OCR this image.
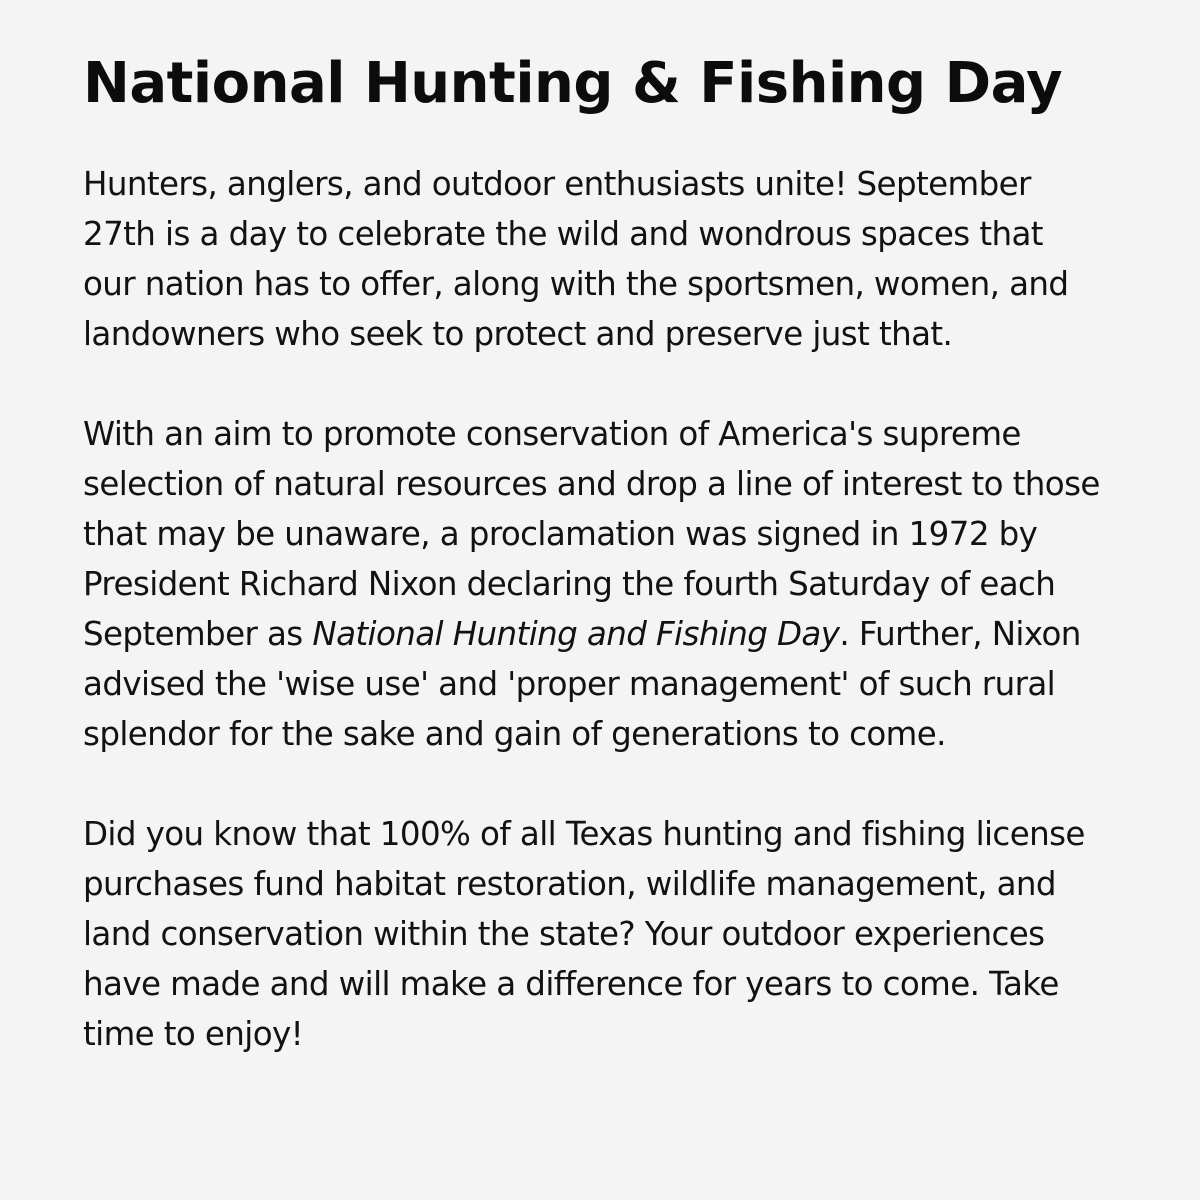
National Hunting & Fishing Day

Hunters, anglers, and outdoor enthusiasts unite! September 27th is a day to celebrate the wild and wondrous spaces that our nation has to offer, along with the sportsmen, women, and landowners who seek to protect and preserve just that.

With an aim to promote conservation of America's supreme selection of natural resources and drop a line of interest to those that may be unaware, a proclamation was signed in 1972 by President Richard Nixon declaring the fourth Saturday of each September as National Hunting and Fishing Day. Further, Nixon advised the 'wise use' and 'proper management' of such rural splendor for the sake and gain of generations to come.

Did you know that 100% of all Texas hunting and fishing license purchases fund habitat restoration, wildlife management, and land conservation within the state? Your outdoor experiences have made and will make a difference for years to come. Take time to enjoy!
